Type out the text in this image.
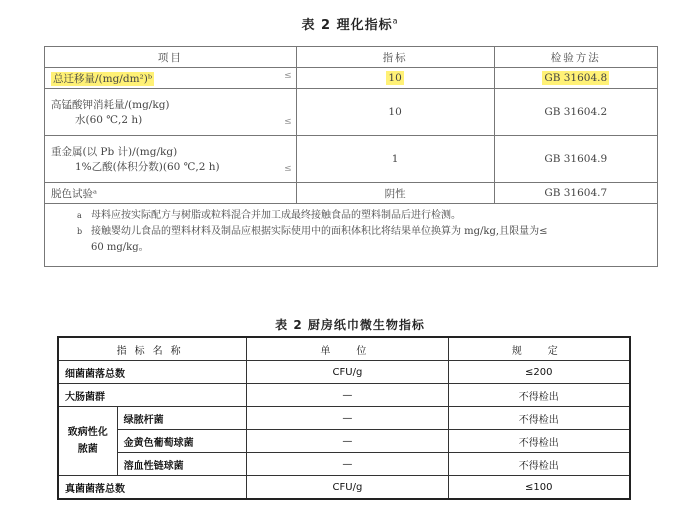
表 2 理化指标$^a$
项目	指标	检验方法

总迁移量/(mg/dm²)ᵇ ≤	10	GB 31604.8

高锰酸钾消耗量/(mg/kg)

水(60 ℃,2 h) ≤	10	GB 31604.2

重金属(以 Pb 计)/(mg/kg)

1%乙酸(体积分数)(60 ℃,2 h) ≤	1	GB 31604.9
脱色试验ᵃ	阴性	GB 31604.7

a 母料应按实际配方与树脂或粒料混合并加工成最终接触食品的塑料制品后进行检测。
b 接触婴幼儿食品的塑料材料及制品应根据实际使用中的面积体积比将结果单位换算为 mg/kg,且限量为≤
60 mg/kg。		
表 2 厨房纸巾微生物指标
指标名称		单　位	规　定
细菌菌落总数		CFU/g	≤200
大肠菌群		—	不得检出
致病性化脓菌	绿脓杆菌	—	不得检出
	金黄色葡萄球菌	—	不得检出
	溶血性链球菌	—	不得检出
真菌菌落总数		CFU/g	≤100
